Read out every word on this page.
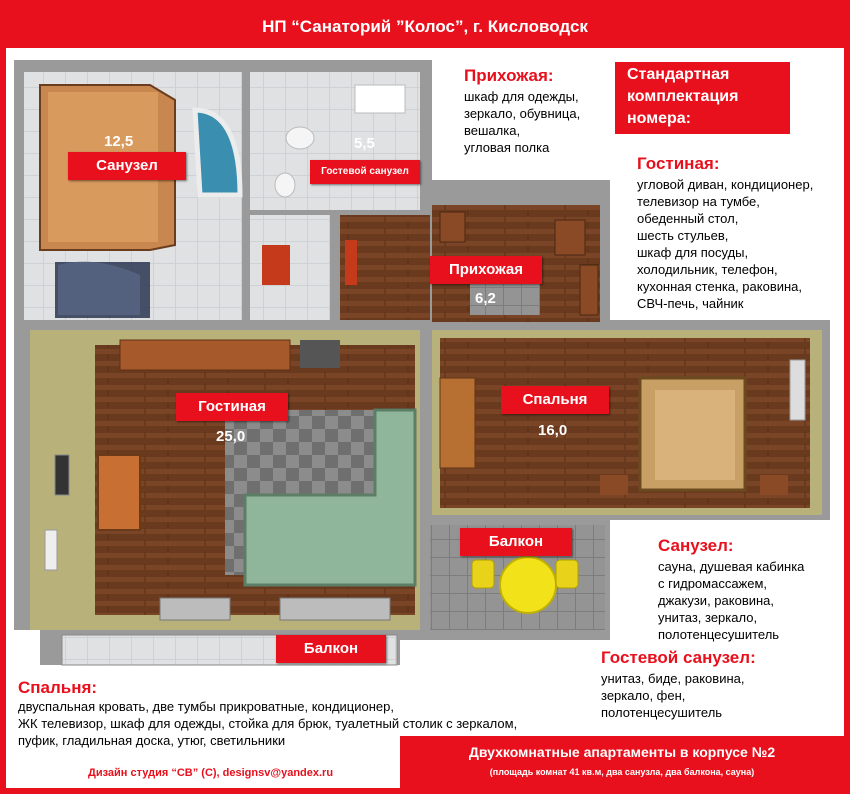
НП “Санаторий ”Колос”, г. Кисловодск
Санузел
12,5
Гостевой санузел
5,5
Прихожая
6,2
Гостиная
25,0
Спальня
16,0
Балкон
Балкон
Прихожая:
шкаф для одежды,
зеркало, обувница,
вешалка,
угловая полка
Стандартная
комплектация
номера:
Гостиная:
угловой диван, кондиционер,
телевизор на тумбе,
обеденный стол,
шесть стульев,
шкаф для посуды,
холодильник, телефон,
кухонная стенка, раковина,
СВЧ-печь, чайник
Санузел:
сауна, душевая кабинка
с гидромассажем,
джакузи, раковина,
унитаз, зеркало,
полотенцесушитель
Гостевой санузел:
унитаз, биде, раковина,
зеркало, фен,
полотенцесушитель
Спальня:
двуспальная кровать, две тумбы прикроватные, кондиционер,
ЖК телевизор, шкаф для одежды, стойка для брюк, туалетный столик с зеркалом,
пуфик, гладильная доска, утюг, светильники
Дизайн студия “СВ” (С), designsv@yandex.ru
Двухкомнатные апартаменты в корпусе №2
(площадь комнат 41 кв.м, два санузла, два балкона, сауна)
